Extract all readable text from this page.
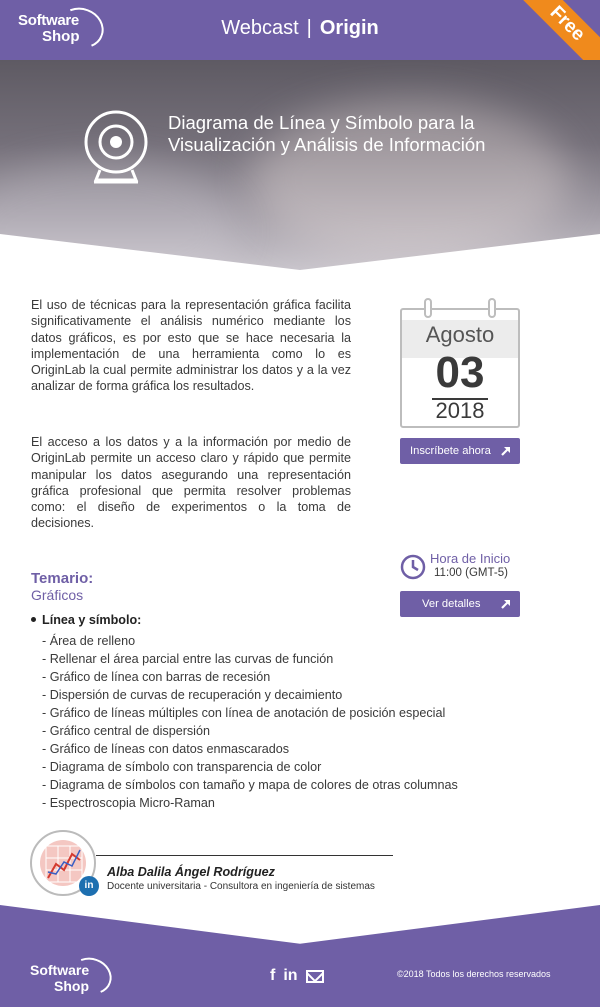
Software
Shop	Webcast | Origin	Free
Diagrama de Línea y Símbolo para la Visualización y Análisis de Información

El uso de técnicas para la representación gráfica facilita significativamente el análisis numérico mediante los datos gráficos, es por esto que se hace necesaria la implementación de una herramienta como lo es OriginLab la cual permite administrar los datos y a la vez analizar de forma gráfica los resultados.

El acceso a los datos y a la información por medio de OriginLab permite un acceso claro y rápido que permite manipular los datos asegurando una representación gráfica profesional que permita resolver problemas como: el diseño de experimentos o la toma de decisiones.

Agosto
03
2018
Inscríbete ahora
Hora de Inicio
11:00 (GMT-5)
Ver detalles
Temario:
Gráficos
Línea y símbolo:
- Área de relleno
- Rellenar el área parcial entre las curvas de función
- Gráfico de línea con barras de recesión
- Dispersión de curvas de recuperación y decaimiento
- Gráfico de líneas múltiples con línea de anotación de posición especial
- Gráfico central de dispersión
- Gráfico de líneas con datos enmascarados
- Diagrama de símbolo con transparencia de color
- Diagrama de símbolos con tamaño y mapa de colores de otras columnas
- Espectroscopia Micro-Raman
in
Alba Dalila Ángel Rodríguez
Docente universitaria - Consultora en ingeniería de sistemas
Software
Shop
f in	©2018 Todos los derechos reservados
